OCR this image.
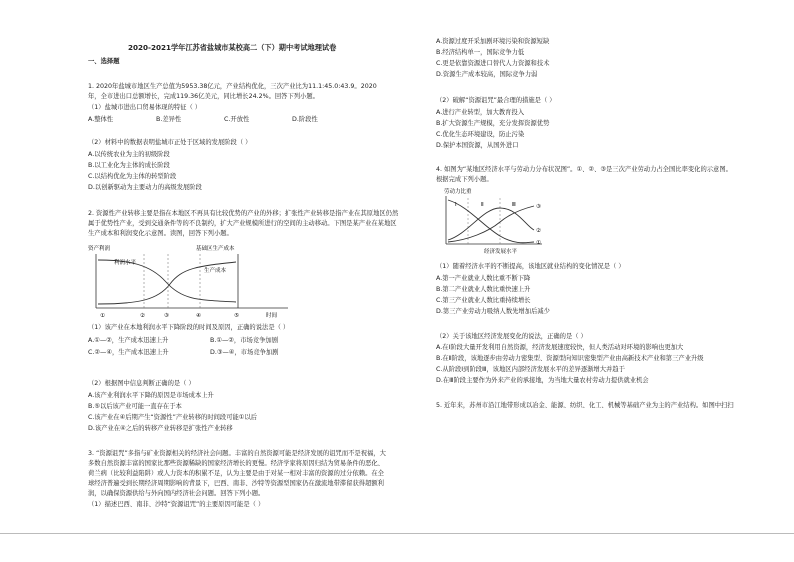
2020-2021学年江苏省盐城市某校高二（下）期中考试地理试卷
一、选择题
1. 2020年盐城市地区生产总值为5953.38亿元，产业结构优化，三次产业比为11.1:45.0:43.9。2020
年，全市进出口总额增长，完成119.36亿美元，同比增长24.2%。回答下列小题。
（1）盐城市进出口贸易体现的特征（ ）
A.整体性	B.差异性	C.开放性	D.阶段性
（2）材料中的数据表明盐城市正处于区域的发展阶段（ ）
A.以传统农业为主的初级阶段
B.以工业化为主体的成长阶段
C.以结构优化为主体的转型阶段
D.以创新驱动为主要动力的高级发展阶段
2. 资源性产业转移主要是指在本地区不再具有比较优势的产业的外移；扩张性产业转移是指产业在其原地区仍然
属于优势性产业，受到交通条件等的不良制约，扩大产业规模所进行的空间的主动移动。下图是某产业在某地区
生产成本和利润变化示意图。读图，回答下列小题。
资产利润
利润水平
基础区生产成本
生产成本
时间
①	②	③	④	⑤
（1）该产业在本地利润水平下降阶段的时间及原因，正确的说法是（ ）
A.①—②，生产成本迅速上升	B.①—②，市场竞争加剧
C.②—④，生产成本迅速上升	D.③—④，市场竞争加剧
（2）根据图中信息判断正确的是（ ）
A.该产业利润水平下降的原因是市场成本上升
B.⑤以后该产业可能一直存在于本
C.该产业在④后期产生“资源性”产业转移的时间段可能①以后
D.该产业在④之后的转移产业转移是扩张性产业转移
3. “资源诅咒”多指与矿业资源相关的经济社会问题。丰富的自然资源可能是经济发展的诅咒而不是祝福，大
多数自然资源丰富的国家比那些资源稀缺的国家经济增长的更慢。经济学家将原因归结为贸易条件的恶化、
荷兰病（比较利益陷阱）或人力资本的积累不足，认为主要是由于对某一相对丰富的资源的过分依赖。在全
球经济普遍受到长期经济周期影响的背景下，巴西、南非、沙特等资源型国家仍在激流地带滞留获得超额利
润，以确保资源供给与外向国内经济社会问题。回答下列小题。
（1）描述巴西、南非、沙特“资源诅咒”的主要原因可能是（ ）
A.资源过度开采加剧环境污染和资源短缺
B.经济结构单一，国际竞争力低
C.更是依靠资源进口替代人力资源和技术
D.资源生产成本较高，国际竞争力弱
（2）破解“资源诅咒”最合理的措施是（ ）
A.进行产业转型，加大教育投入
B.扩大资源生产规模，充分发挥资源优势
C.优化生态环境建设，防止污染
D.保护本国资源，从国外进口
4. 如图为“某地区经济水平与劳动力分布状况图”。①、②、③是三次产业劳动力占全国比率变化的示意图。
根据完成下列小题。
劳动力比重
经济发展水平
Ⅰ	Ⅱ	Ⅲ
①
②
③
（1）随着经济水平的不断提高，该地区就业结构的变化情况是（ ）
A.第一产业就业人数比重不断下降
B.第二产业就业人数比重快速上升
C.第三产业就业人数比重持续增长
D.第三产业劳动力吸纳人数先增加后减少
（2）关于该地区经济发展变化的说法，正确的是（ ）
A.在Ⅰ阶段大量开发利用自然资源，经济发展速度较快，但人类活动对环境的影响也更加大
B.在Ⅱ阶段，该地逐步由劳动力密集型、资源型向知识密集型产业由高新技术产业和第三产业升级
C.从阶段Ⅰ到阶段Ⅲ，该地区内部经济发展水平的差异逐渐增大并趋于
D.在Ⅲ阶段主要作为外来产业的承接地，为当地大量农村劳动力提供就业机会
5. 近年来，苏州市沿江地带形成以冶金、能源、纺织、化工、机械等基础产业为主的产业结构。如图中扫扫
